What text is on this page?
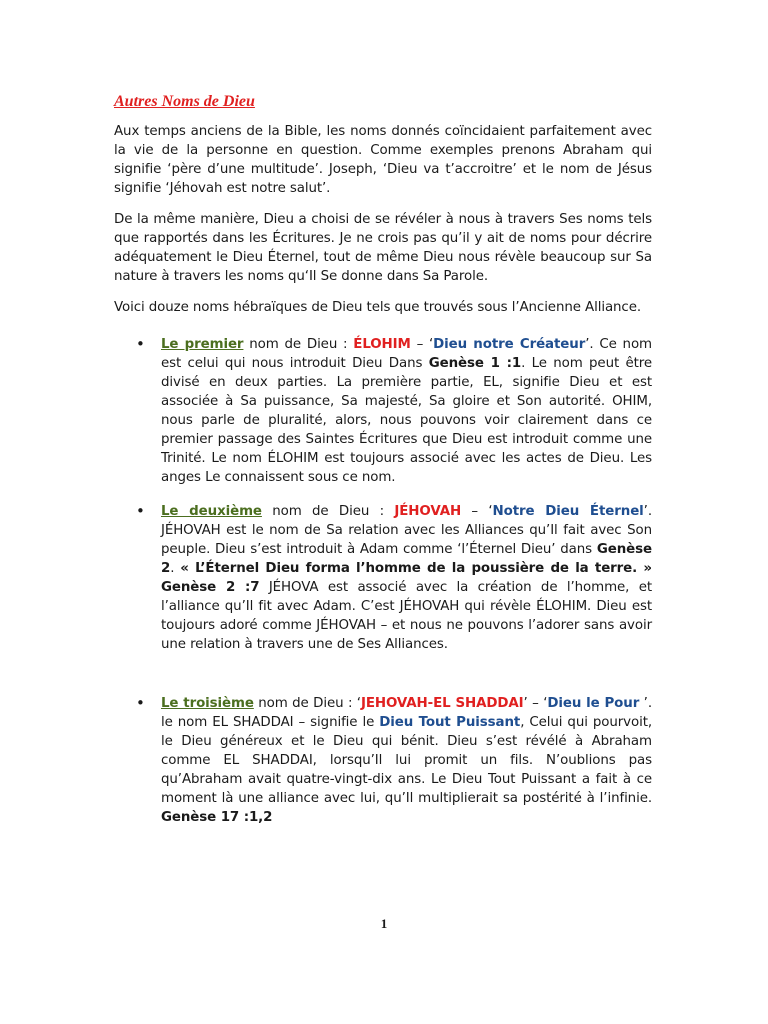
Autres Noms de Dieu

Aux temps anciens de la Bible, les noms donnés coïncidaient parfaitement avec la vie de la personne en question. Comme exemples prenons Abraham qui signifie ‘père d’une multitude’. Joseph, ‘Dieu va t’accroitre’ et le nom de Jésus signifie ‘Jéhovah est notre salut’.

De la même manière, Dieu a choisi de se révéler à nous à travers Ses noms tels que rapportés dans les Écritures. Je ne crois pas qu’il y ait de noms pour décrire adéquatement le Dieu Éternel, tout de même Dieu nous révèle beaucoup sur Sa nature à travers les noms qu‘Il Se donne dans Sa Parole.

Voici douze noms hébraïques de Dieu tels que trouvés sous l’Ancienne Alliance.

• Le premier nom de Dieu : ÉLOHIM – ‘Dieu notre Créateur’. Ce nom est celui qui nous introduit Dieu Dans Genèse 1 :1. Le nom peut être divisé en deux parties. La première partie, EL, signifie Dieu et est associée à Sa puissance, Sa majesté, Sa gloire et Son autorité. OHIM, nous parle de pluralité, alors, nous pouvons voir clairement dans ce premier passage des Saintes Écritures que Dieu est introduit comme une Trinité. Le nom ÉLOHIM est toujours associé avec les actes de Dieu. Les anges Le connaissent sous ce nom.
• Le deuxième nom de Dieu : JÉHOVAH – ‘Notre Dieu Éternel’. JÉHOVAH est le nom de Sa relation avec les Alliances qu’Il fait avec Son peuple. Dieu s’est introduit à Adam comme ‘l’Éternel Dieu’ dans Genèse 2. « L’Éternel Dieu forma l’homme de la poussière de la terre. » Genèse 2 :7 JÉHOVA est associé avec la création de l’homme, et l’alliance qu’Il fit avec Adam. C’est JÉHOVAH qui révèle ÉLOHIM. Dieu est toujours adoré comme JÉHOVAH – et nous ne pouvons l’adorer sans avoir une relation à travers une de Ses Alliances.
• Le troisième nom de Dieu : ‘JEHOVAH-EL SHADDAI’ – ‘Dieu le Pour ’. le nom EL SHADDAI – signifie le Dieu Tout Puissant, Celui qui pourvoit, le Dieu généreux et le Dieu qui bénit. Dieu s’est révélé à Abraham comme EL SHADDAI, lorsqu’Il lui promit un fils. N’oublions pas qu’Abraham avait quatre-vingt-dix ans. Le Dieu Tout Puissant a fait à ce moment là une alliance avec lui, qu’Il multiplierait sa postérité à l’infinie. Genèse 17 :1,2
1
